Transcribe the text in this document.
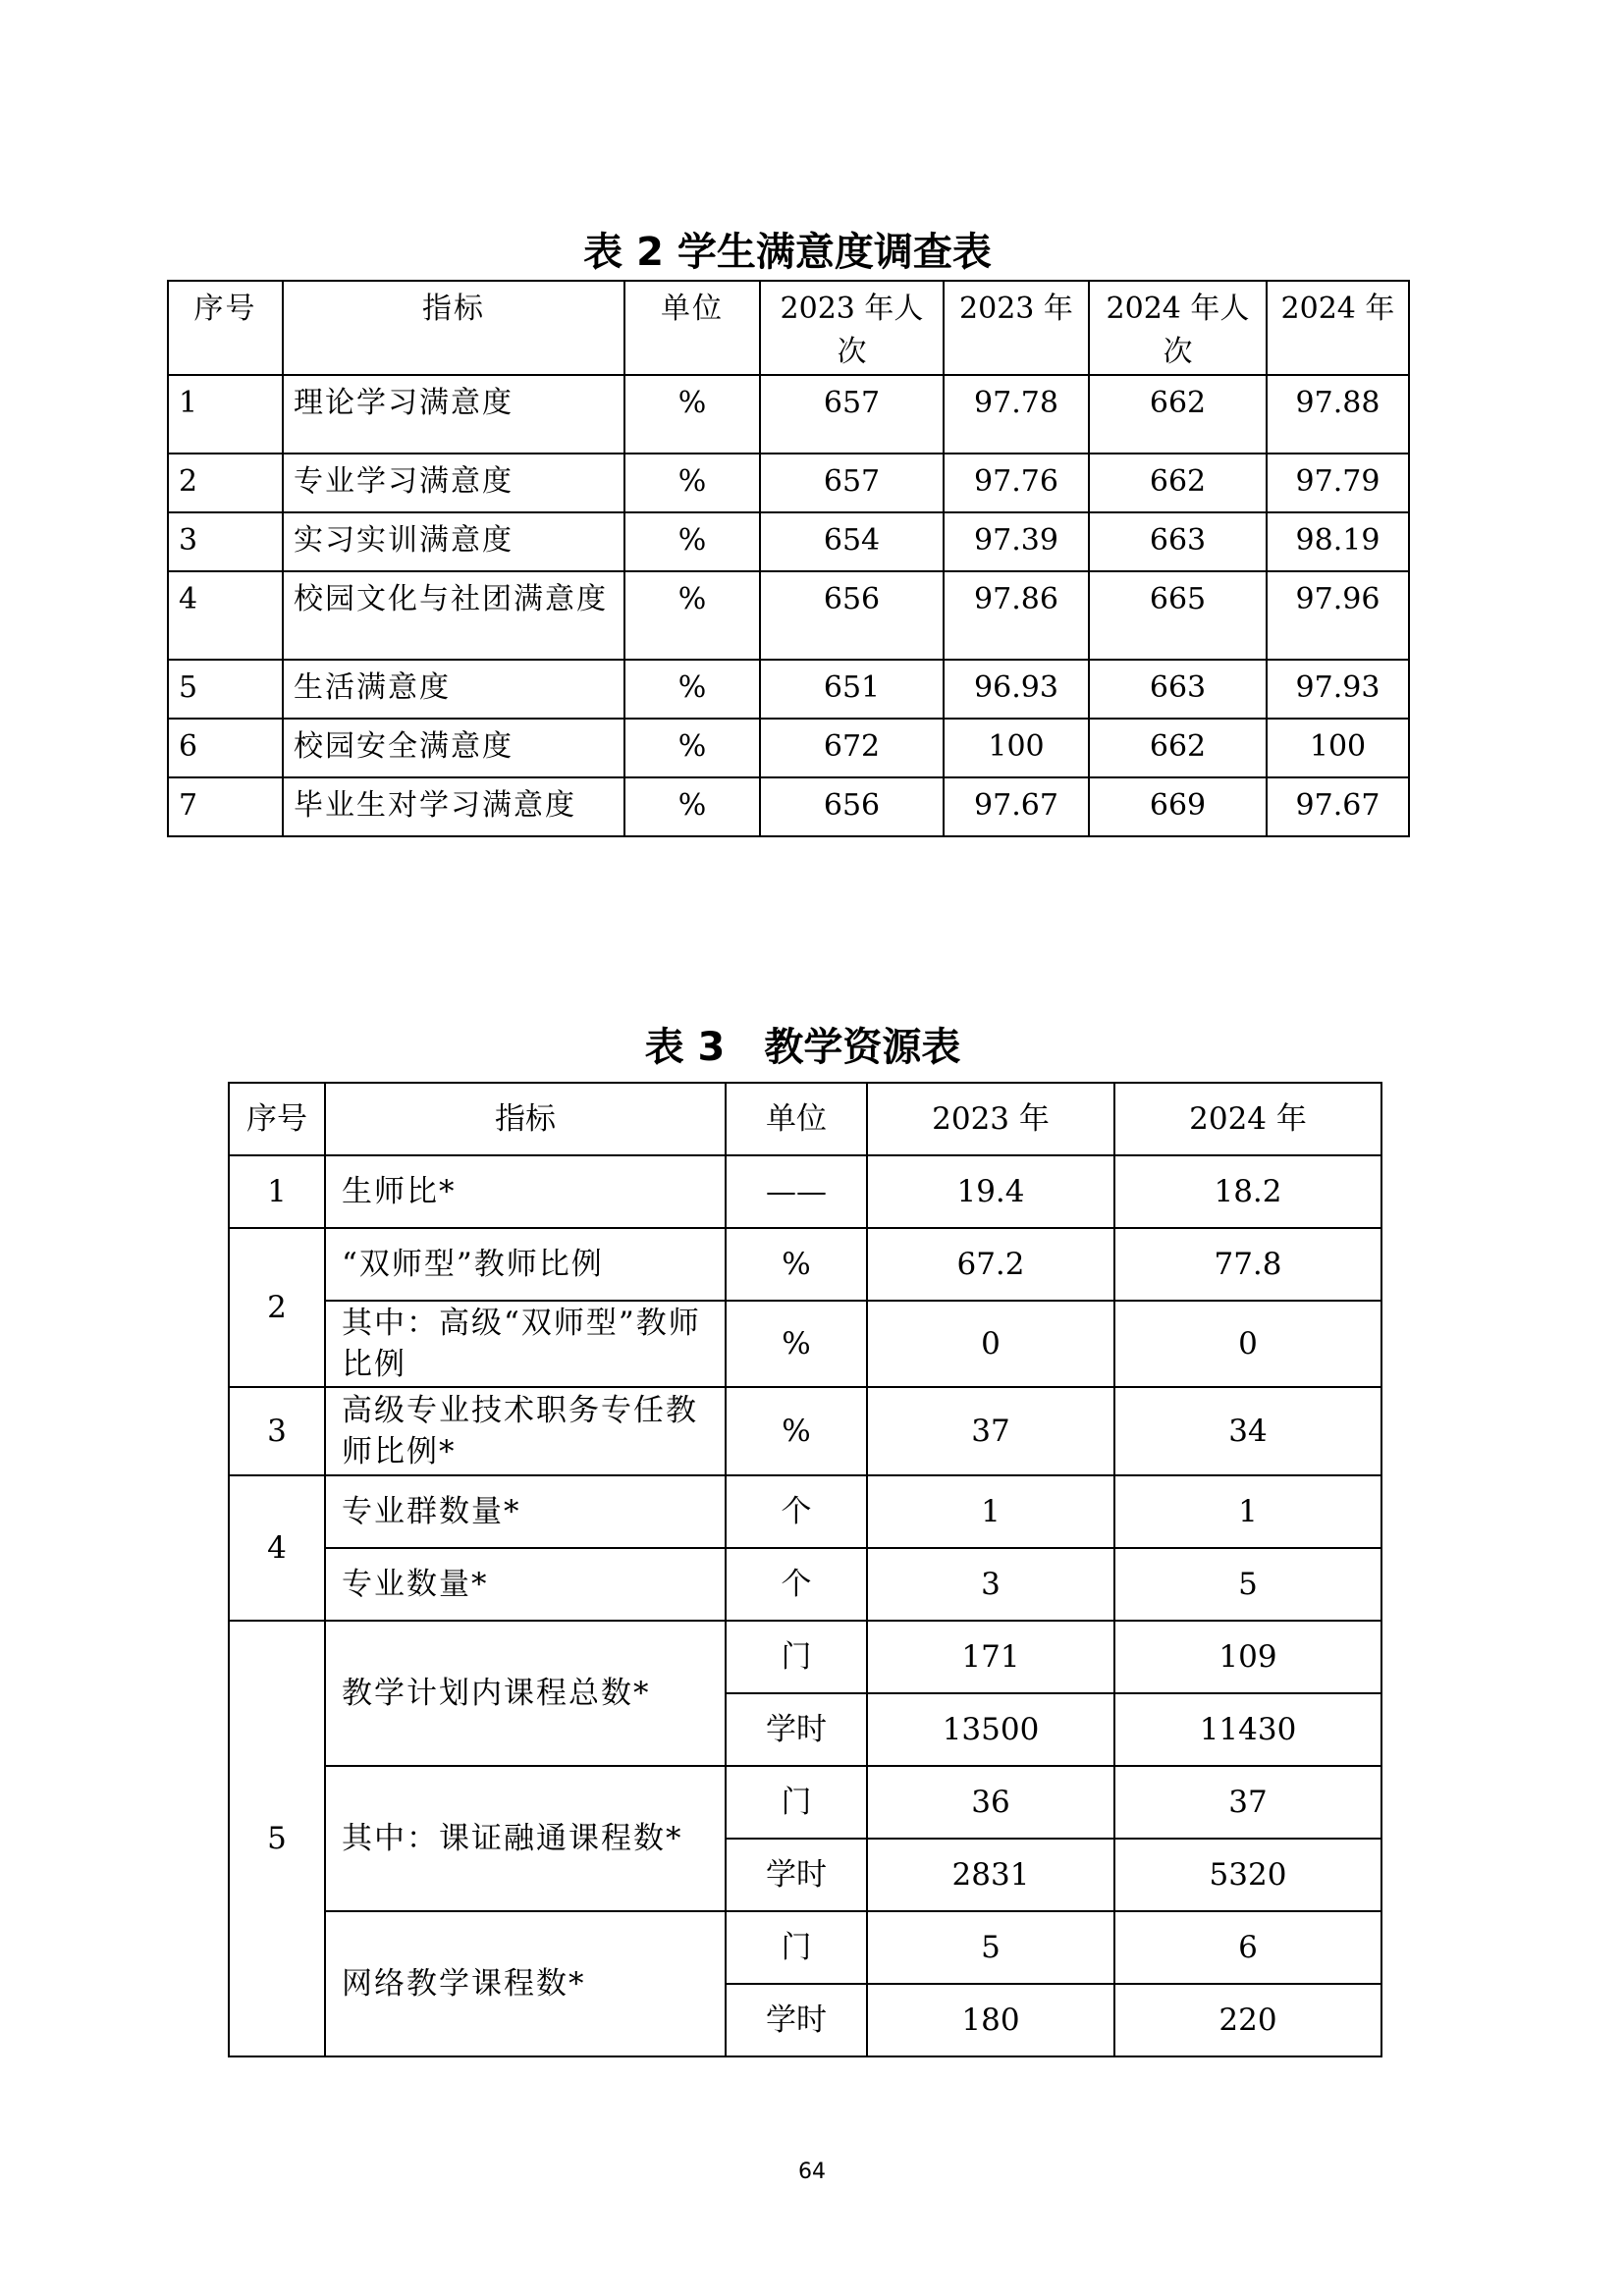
表 2 学生满意度调查表
序号	指标	单位	2023 年人次	2023 年	2024 年人次	2024 年
1	理论学习满意度	%	657	97.78	662	97.88
2	专业学习满意度	%	657	97.76	662	97.79
3	实习实训满意度	%	654	97.39	663	98.19
4	校园文化与社团满意度	%	656	97.86	665	97.96
5	生活满意度	%	651	96.93	663	97.93
6	校园安全满意度	%	672	100	662	100
7	毕业生对学习满意度	%	656	97.67	669	97.67
表 3　教学资源表
序号	指标	单位	2023 年	2024 年
1	生师比*	——	19.4	18.2
2	“双师型”教师比例	%	67.2	77.8
	其中：高级“双师型”教师比例	%	0	0
3	高级专业技术职务专任教师比例*	%	37	34
4	专业群数量*	个	1	1
	专业数量*	个	3	5
5	教学计划内课程总数*	门	171	109
		学时	13500	11430
	其中：课证融通课程数*	门	36	37
		学时	2831	5320
	网络教学课程数*	门	5	6
		学时	180	220
64
